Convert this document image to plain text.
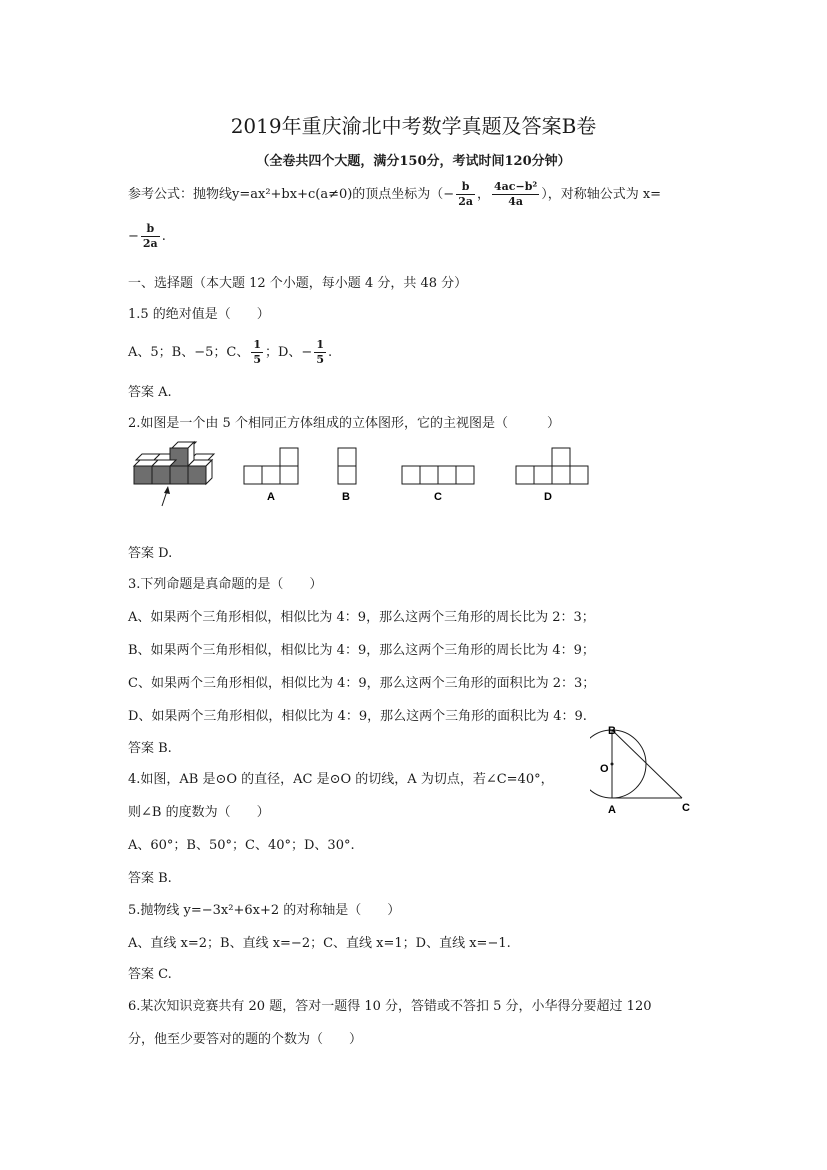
2019年重庆渝北中考数学真题及答案B卷
（全卷共四个大题，满分150分，考试时间120分钟）
参考公式：抛物线y=ax²+bx+c(a≠0)的顶点坐标为（− $\frac{b}{2a}$ ， $\frac{\text{4ac−b²}}{4a}$ ），对称轴公式为 x=
− $\frac{b}{2a}$ .
一、选择题（本大题 12 个小题，每小题 4 分，共 48 分）
1.5 的绝对值是（　　）
A、5；B、−5；C、 $\frac{1}{5}$ ；D、− $\frac{1}{5}$ .
答案 A.
2.如图是一个由 5 个相同正方体组成的立体图形，它的主视图是（　　　）
A	B	C	D
答案 D.
3.下列命题是真命题的是（　　）
A、如果两个三角形相似，相似比为 4：9，那么这两个三角形的周长比为 2：3；
B、如果两个三角形相似，相似比为 4：9，那么这两个三角形的周长比为 4：9；
C、如果两个三角形相似，相似比为 4：9，那么这两个三角形的面积比为 2：3；
D、如果两个三角形相似，相似比为 4：9，那么这两个三角形的面积比为 4：9.
答案 B.
4.如图，AB 是⊙O 的直径，AC 是⊙O 的切线，A 为切点，若∠C=40°，
则∠B 的度数为（　　）
B
O
A	C
A、60°；B、50°；C、40°；D、30°.
答案 B.
5.抛物线 y=−3x²+6x+2 的对称轴是（　　）
A、直线 x=2；B、直线 x=−2；C、直线 x=1；D、直线 x=−1.
答案 C.
6.某次知识竞赛共有 20 题，答对一题得 10 分，答错或不答扣 5 分，小华得分要超过 120
分，他至少要答对的题的个数为（　　）
